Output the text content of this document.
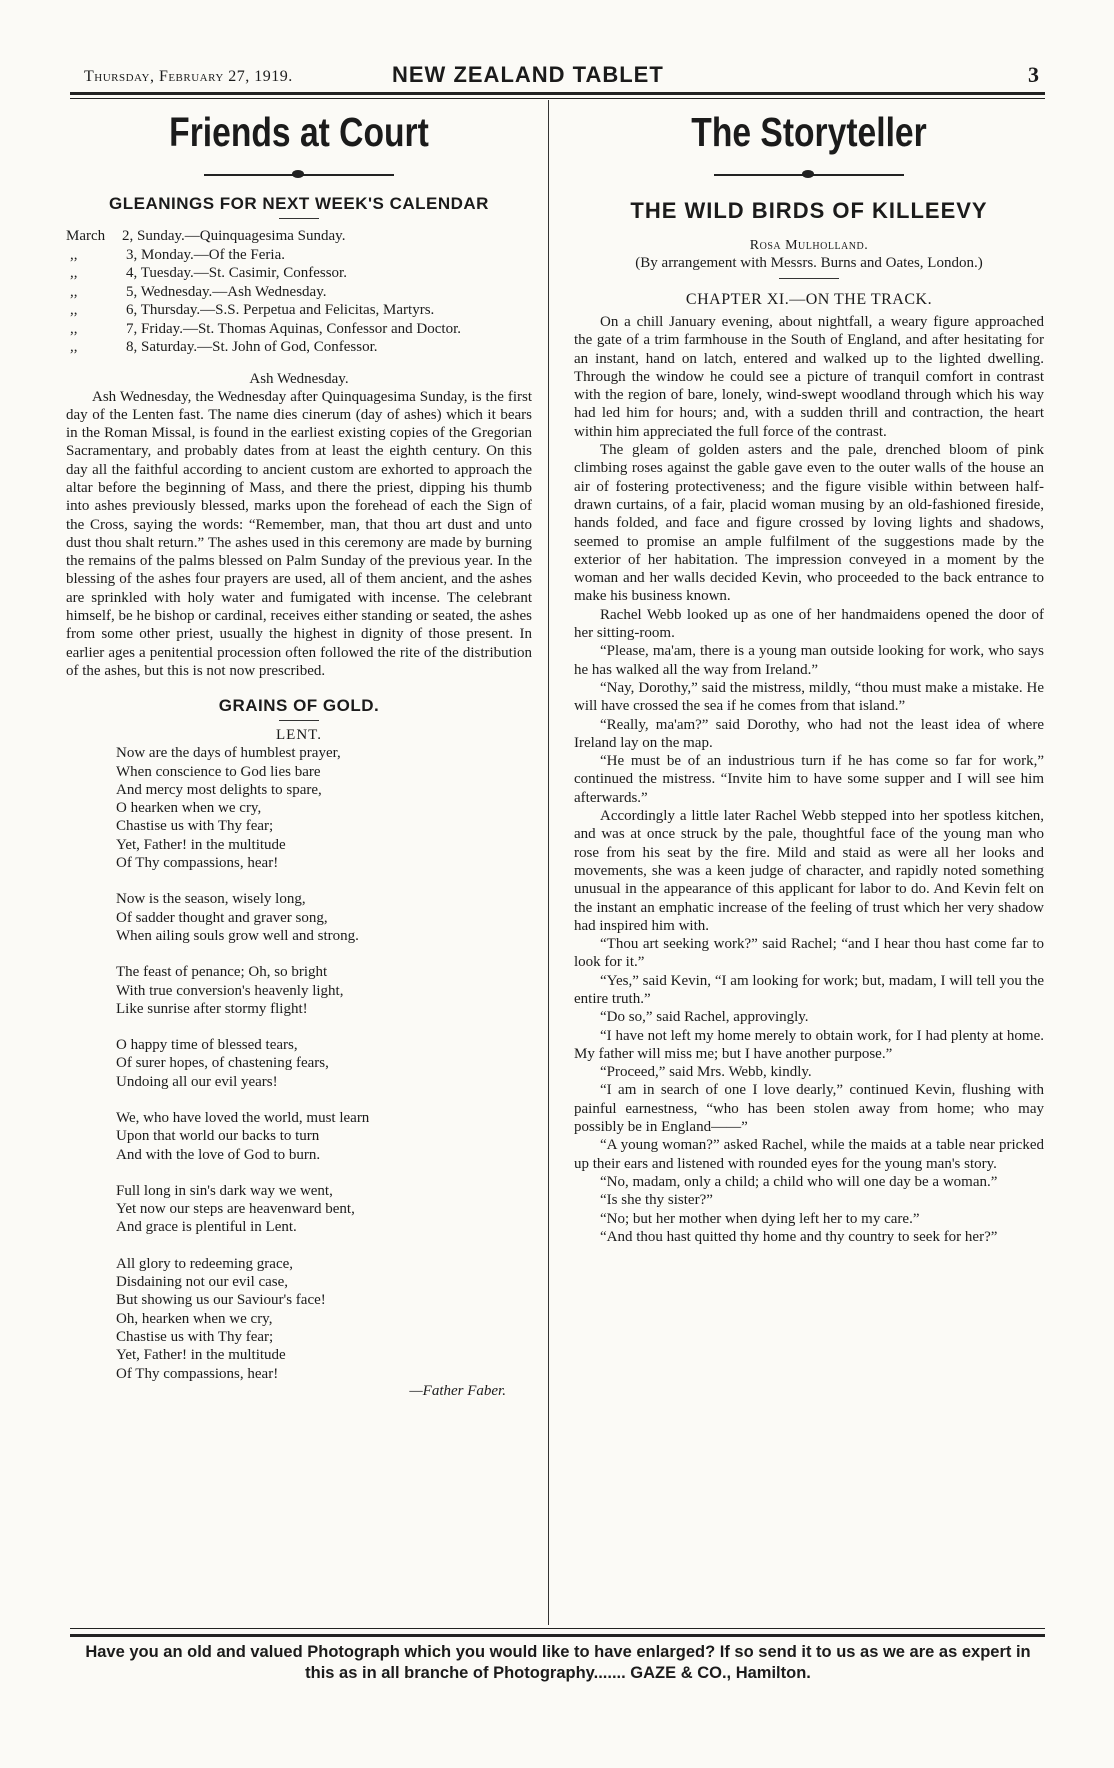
Thursday, February 27, 1919.	NEW ZEALAND TABLET	3
Friends at Court
GLEANINGS FOR NEXT WEEK'S CALENDAR
March	2, Sunday.—Quinquagesima Sunday.
,,	3, Monday.—Of the Feria.
,,	4, Tuesday.—St. Casimir, Confessor.
,,	5, Wednesday.—Ash Wednesday.
,,	6, Thursday.—S.S. Perpetua and Felicitas, Martyrs.
,,	7, Friday.—St. Thomas Aquinas, Confessor and Doctor.
,,	8, Saturday.—St. John of God, Confessor.
Ash Wednesday.

Ash Wednesday, the Wednesday after Quinquagesima Sunday, is the first day of the Lenten fast. The name dies cinerum (day of ashes) which it bears in the Roman Missal, is found in the earliest existing copies of the Gregorian Sacramentary, and probably dates from at least the eighth century. On this day all the faithful according to ancient custom are exhorted to approach the altar before the beginning of Mass, and there the priest, dipping his thumb into ashes previously blessed, marks upon the forehead of each the Sign of the Cross, saying the words: “Remember, man, that thou art dust and unto dust thou shalt return.” The ashes used in this ceremony are made by burning the remains of the palms blessed on Palm Sunday of the previous year. In the blessing of the ashes four prayers are used, all of them ancient, and the ashes are sprinkled with holy water and fumigated with incense. The celebrant himself, be he bishop or cardinal, receives either standing or seated, the ashes from some other priest, usually the highest in dignity of those present. In earlier ages a penitential procession often followed the rite of the distribution of the ashes, but this is not now prescribed.

GRAINS OF GOLD.
LENT.
Now are the days of humblest prayer,
When conscience to God lies bare
And mercy most delights to spare,
O hearken when we cry,
Chastise us with Thy fear;
Yet, Father! in the multitude
Of Thy compassions, hear!
Now is the season, wisely long,
Of sadder thought and graver song,
When ailing souls grow well and strong.
The feast of penance; Oh, so bright
With true conversion's heavenly light,
Like sunrise after stormy flight!
O happy time of blessed tears,
Of surer hopes, of chastening fears,
Undoing all our evil years!
We, who have loved the world, must learn
Upon that world our backs to turn
And with the love of God to burn.
Full long in sin's dark way we went,
Yet now our steps are heavenward bent,
And grace is plentiful in Lent.
All glory to redeeming grace,
Disdaining not our evil case,
But showing us our Saviour's face!
Oh, hearken when we cry,
Chastise us with Thy fear;
Yet, Father! in the multitude
Of Thy compassions, hear!
—Father Faber.
The Storyteller
THE WILD BIRDS OF KILLEEVY
Rosa Mulholland.
(By arrangement with Messrs. Burns and Oates, London.)
CHAPTER XI.—ON THE TRACK.

On a chill January evening, about nightfall, a weary figure approached the gate of a trim farmhouse in the South of England, and after hesitating for an instant, hand on latch, entered and walked up to the lighted dwelling. Through the window he could see a picture of tranquil comfort in contrast with the region of bare, lonely, wind-swept woodland through which his way had led him for hours; and, with a sudden thrill and contraction, the heart within him appreciated the full force of the contrast.

The gleam of golden asters and the pale, drenched bloom of pink climbing roses against the gable gave even to the outer walls of the house an air of fostering protectiveness; and the figure visible within between half-drawn curtains, of a fair, placid woman musing by an old-fashioned fireside, hands folded, and face and figure crossed by loving lights and shadows, seemed to promise an ample fulfilment of the suggestions made by the exterior of her habitation. The impression conveyed in a moment by the woman and her walls decided Kevin, who proceeded to the back entrance to make his business known.

Rachel Webb looked up as one of her handmaidens opened the door of her sitting-room.

“Please, ma'am, there is a young man outside looking for work, who says he has walked all the way from Ireland.”

“Nay, Dorothy,” said the mistress, mildly, “thou must make a mistake. He will have crossed the sea if he comes from that island.”

“Really, ma'am?” said Dorothy, who had not the least idea of where Ireland lay on the map.

“He must be of an industrious turn if he has come so far for work,” continued the mistress. “Invite him to have some supper and I will see him afterwards.”

Accordingly a little later Rachel Webb stepped into her spotless kitchen, and was at once struck by the pale, thoughtful face of the young man who rose from his seat by the fire. Mild and staid as were all her looks and movements, she was a keen judge of character, and rapidly noted something unusual in the appearance of this applicant for labor to do. And Kevin felt on the instant an emphatic increase of the feeling of trust which her very shadow had inspired him with.

“Thou art seeking work?” said Rachel; “and I hear thou hast come far to look for it.”

“Yes,” said Kevin, “I am looking for work; but, madam, I will tell you the entire truth.”

“Do so,” said Rachel, approvingly.

“I have not left my home merely to obtain work, for I had plenty at home. My father will miss me; but I have another purpose.”

“Proceed,” said Mrs. Webb, kindly.

“I am in search of one I love dearly,” continued Kevin, flushing with painful earnestness, “who has been stolen away from home; who may possibly be in England——”

“A young woman?” asked Rachel, while the maids at a table near pricked up their ears and listened with rounded eyes for the young man's story.

“No, madam, only a child; a child who will one day be a woman.”

“Is she thy sister?”

“No; but her mother when dying left her to my care.”

“And thou hast quitted thy home and thy country to seek for her?”

Have you an old and valued Photograph which you would like to have enlarged? If so send it to us as we are as expert in this as in all branche of Photography....... GAZE & CO., Hamilton.
